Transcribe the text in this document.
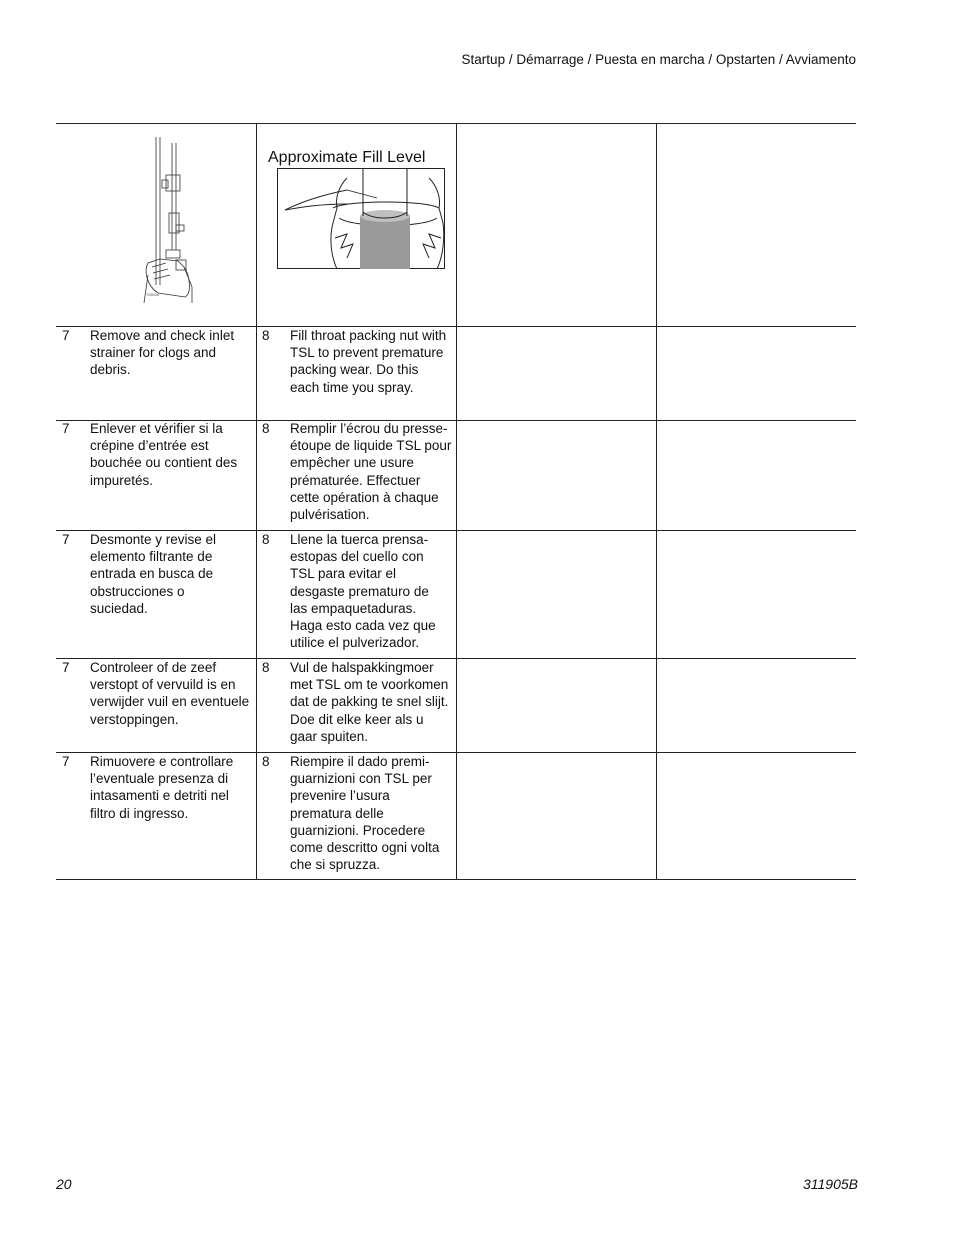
Startup / Démarrage / Puesta en marcha / Opstarten / Avviamento
TI2890a
Approximate Fill Level
7 Remove and check inlet strainer for clogs and debris.
8 Fill throat packing nut with TSL to prevent premature packing wear. Do this each time you spray.
7 Enlever et vérifier si la crépine d’entrée est bouchée ou contient des impuretés.
8 Remplir l’écrou du presse-étoupe de liquide TSL pour empêcher une usure prématurée. Effectuer cette opération à chaque pulvérisation.
7 Desmonte y revise el elemento filtrante de entrada en busca de obstrucciones o suciedad.
8 Llene la tuerca prensa-estopas del cuello con TSL para evitar el desgaste prematuro de las empaquetaduras. Haga esto cada vez que utilice el pulverizador.
7 Controleer of de zeef verstopt of vervuild is en verwijder vuil en eventuele verstoppingen.
8 Vul de halspakkingmoer met TSL om te voorkomen dat de pakking te snel slijt. Doe dit elke keer als u gaar spuiten.
7 Rimuovere e controllare l’eventuale presenza di intasamenti e detriti nel filtro di ingresso.
8 Riempire il dado premi-guarnizioni con TSL per prevenire l’usura prematura delle guarnizioni. Procedere come descritto ogni volta che si spruzza.
20	311905B
